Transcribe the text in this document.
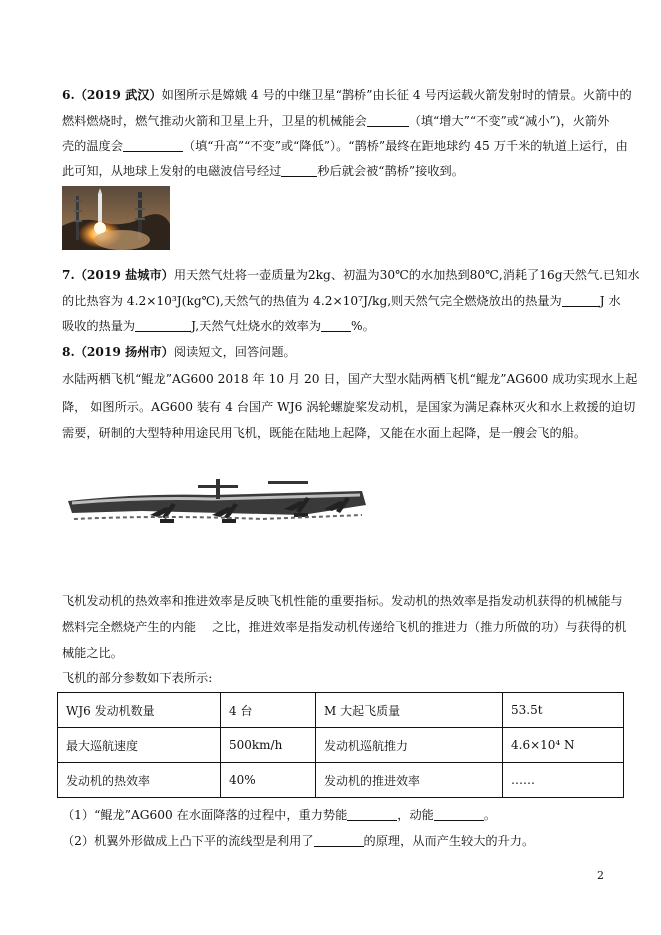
6.（2019 武汉）如图所示是嫦娥 4 号的中继卫星“鹊桥”由长征 4 号丙运载火箭发射时的情景。火箭中的
燃料燃烧时，燃气推动火箭和卫星上升，卫星的机械能会	（填“增大”“不变”或“减小”)，火箭外
壳的温度会	（填“升高”“不变”或“降低”）。“鹊桥”最终在距地球约 45 万千米的轨道上运行，由
此可知，从地球上发射的电磁波信号经过	秒后就会被“鹊桥”接收到。
7.（2019 盐城市）用天然气灶将一壶质量为2kg、初温为30℃的水加热到80℃,消耗了16g天然气.已知水
的比热容为 4.2×10³J(kg℃),天然气的热值为 4.2×10⁷J/kg,则天然气完全燃烧放出的热量为	J 水
吸收的热量为	J,天然气灶烧水的效率为 %。
8.（2019 扬州市）阅读短文，回答问题。
水陆两栖飞机“鲲龙”AG600 2018 年 10 月 20 日，国产大型水陆两栖飞机“鲲龙”AG600 成功实现水上起
降， 如图所示。AG600 装有 4 台国产 WJ6 涡轮螺旋桨发动机，是国家为满足森林灭火和水上救援的迫切
需要，研制的大型特种用途民用飞机，既能在陆地上起降，又能在水面上起降，是一艘会飞的船。
飞机发动机的热效率和推进效率是反映飞机性能的重要指标。发动机的热效率是指发动机获得的机械能与
燃料完全燃烧产生的内能　 之比，推进效率是指发动机传递给飞机的推进力（推力所做的功）与获得的机
械能之比。
飞机的部分参数如下表所示:
WJ6 发动机数量	4 台	M 大起飞质量	53.5t
最大巡航速度	500km/h	发动机巡航推力	4.6×10⁴ N
发动机的热效率	40%	发动机的推进效率	……
（1）“鲲龙”AG600 在水面降落的过程中，重力势能	，动能	。
（2）机翼外形做成上凸下平的流线型是利用了	的原理，从而产生较大的升力。
2
